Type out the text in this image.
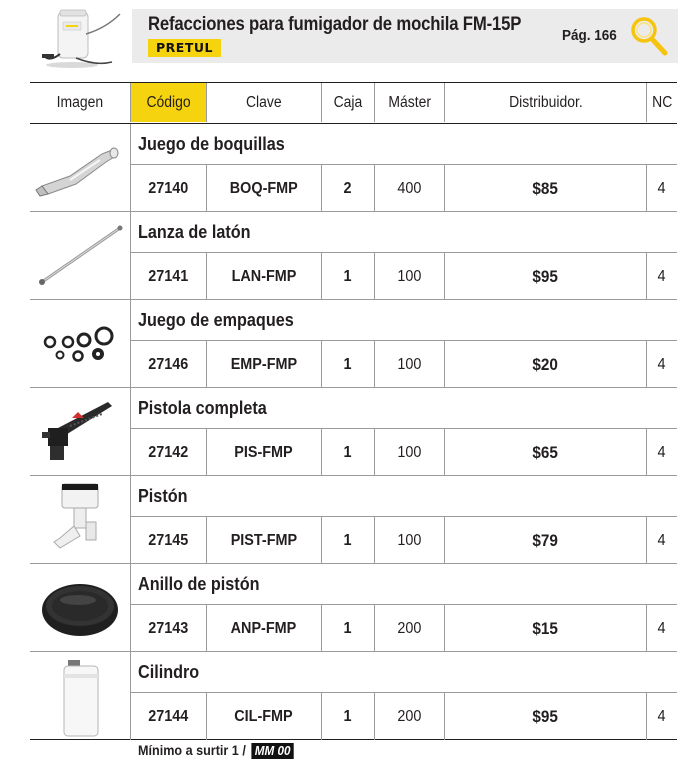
Refacciones para fumigador de mochila FM-15P
PRETUL
Pág. 166
Imagen	Código	Clave	Caja	Máster	Distribuidor.	NC
Juego de boquillas
27140	BOQ-FMP	2	400	$85	4
Lanza de latón
27141	LAN-FMP	1	100	$95	4
Juego de empaques
27146	EMP-FMP	1	100	$20	4
Pistola completa
27142	PIS-FMP	1	100	$65	4
Pistón
27145	PIST-FMP	1	100	$79	4
Anillo de pistón
27143	ANP-FMP	1	200	$15	4
Cilindro
27144	CIL-FMP	1	200	$95	4
Mínimo a surtir 1 / MM 00
